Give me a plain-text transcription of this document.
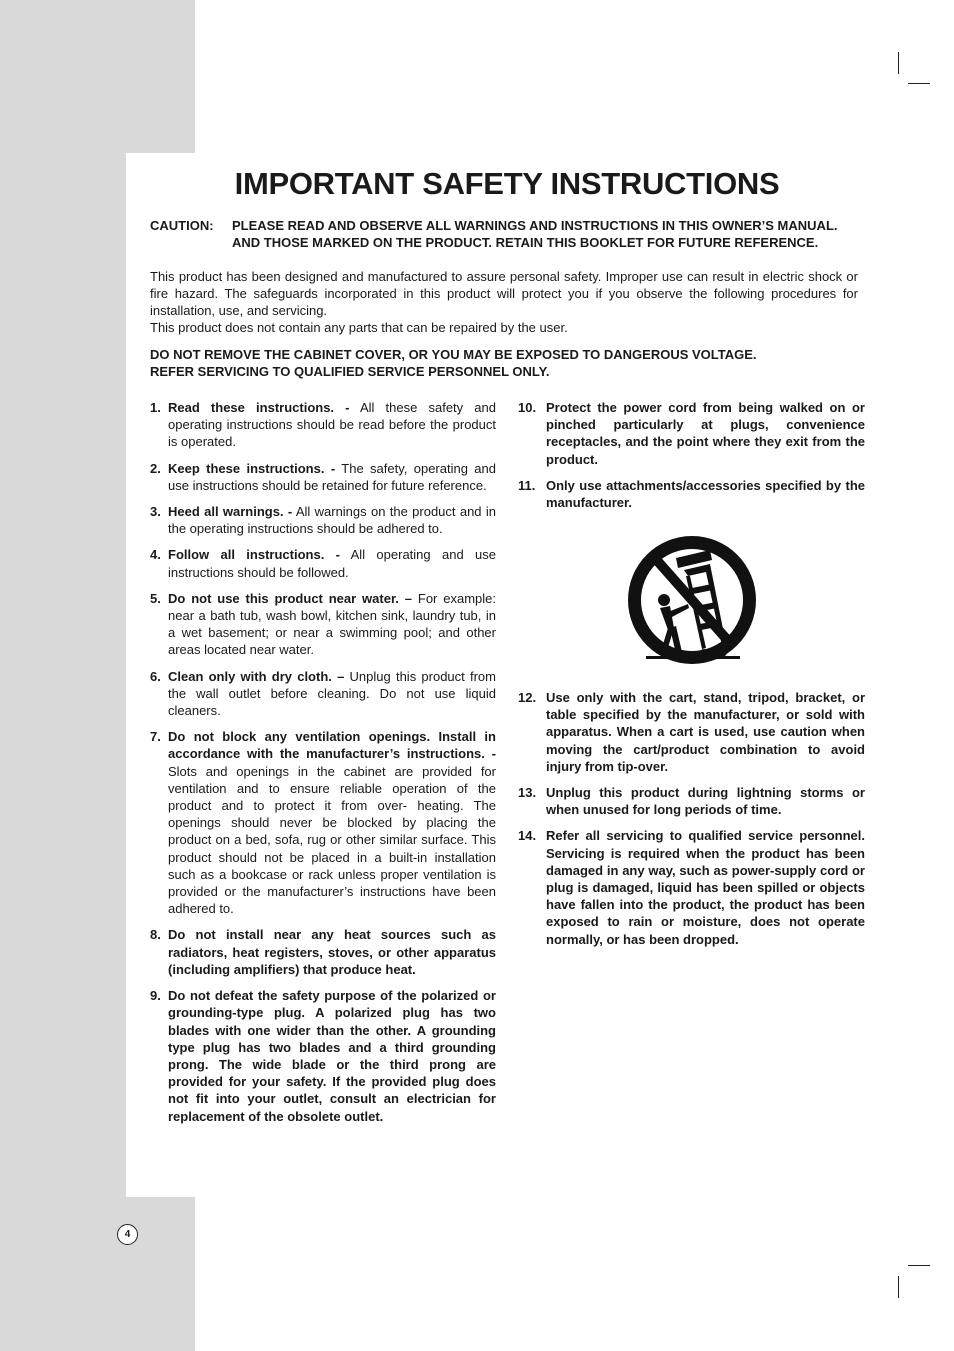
IMPORTANT SAFETY INSTRUCTIONS
CAUTION:	PLEASE READ AND OBSERVE ALL WARNINGS AND INSTRUCTIONS IN THIS OWNER’S MANUAL. AND THOSE MARKED ON THE PRODUCT. RETAIN THIS BOOKLET FOR FUTURE REFERENCE.

This product has been designed and manufactured to assure personal safety. Improper use can result in electric shock or fire hazard. The safeguards incorporated in this product will protect you if you observe the following procedures for installation, use, and servicing.

This product does not contain any parts that can be repaired by the user.

DO NOT REMOVE THE CABINET COVER, OR YOU MAY BE EXPOSED TO DANGEROUS VOLTAGE.

REFER SERVICING TO QUALIFIED SERVICE PERSONNEL ONLY.

1. Read these instructions. - All these safety and operating instructions should be read before the product is operated.
2. Keep these instructions. - The safety, operating and use instructions should be retained for future reference.
3. Heed all warnings. - All warnings on the product and in the operating instructions should be adhered to.
4. Follow all instructions. - All operating and use instructions should be followed.
5. Do not use this product near water. – For example: near a bath tub, wash bowl, kitchen sink, laundry tub, in a wet basement; or near a swimming pool; and other areas located near water.
6. Clean only with dry cloth. – Unplug this product from the wall outlet before cleaning. Do not use liquid cleaners.
7. Do not block any ventilation openings. Install in accordance with the manufacturer’s instructions. - Slots and openings in the cabinet are provided for ventilation and to ensure reliable operation of the product and to protect it from over- heating. The openings should never be blocked by placing the product on a bed, sofa, rug or other similar surface. This product should not be placed in a built-in installation such as a bookcase or rack unless proper ventilation is provided or the manufacturer’s instructions have been adhered to.
8. Do not install near any heat sources such as radiators, heat registers, stoves, or other apparatus (including amplifiers) that produce heat.
9. Do not defeat the safety purpose of the polarized or grounding-type plug. A polarized plug has two blades with one wider than the other. A grounding type plug has two blades and a third grounding prong. The wide blade or the third prong are provided for your safety. If the provided plug does not fit into your outlet, consult an electrician for replacement of the obsolete outlet.
10. Protect the power cord from being walked on or pinched particularly at plugs, convenience receptacles, and the point where they exit from the product.
11. Only use attachments/accessories specified by the manufacturer.
12. Use only with the cart, stand, tripod, bracket, or table specified by the manufacturer, or sold with apparatus. When a cart is used, use caution when moving the cart/product combination to avoid injury from tip-over.
13. Unplug this product during lightning storms or when unused for long periods of time.
14. Refer all servicing to qualified service personnel. Servicing is required when the product has been damaged in any way, such as power-supply cord or plug is damaged, liquid has been spilled or objects have fallen into the product, the product has been exposed to rain or moisture, does not operate normally, or has been dropped.
4
